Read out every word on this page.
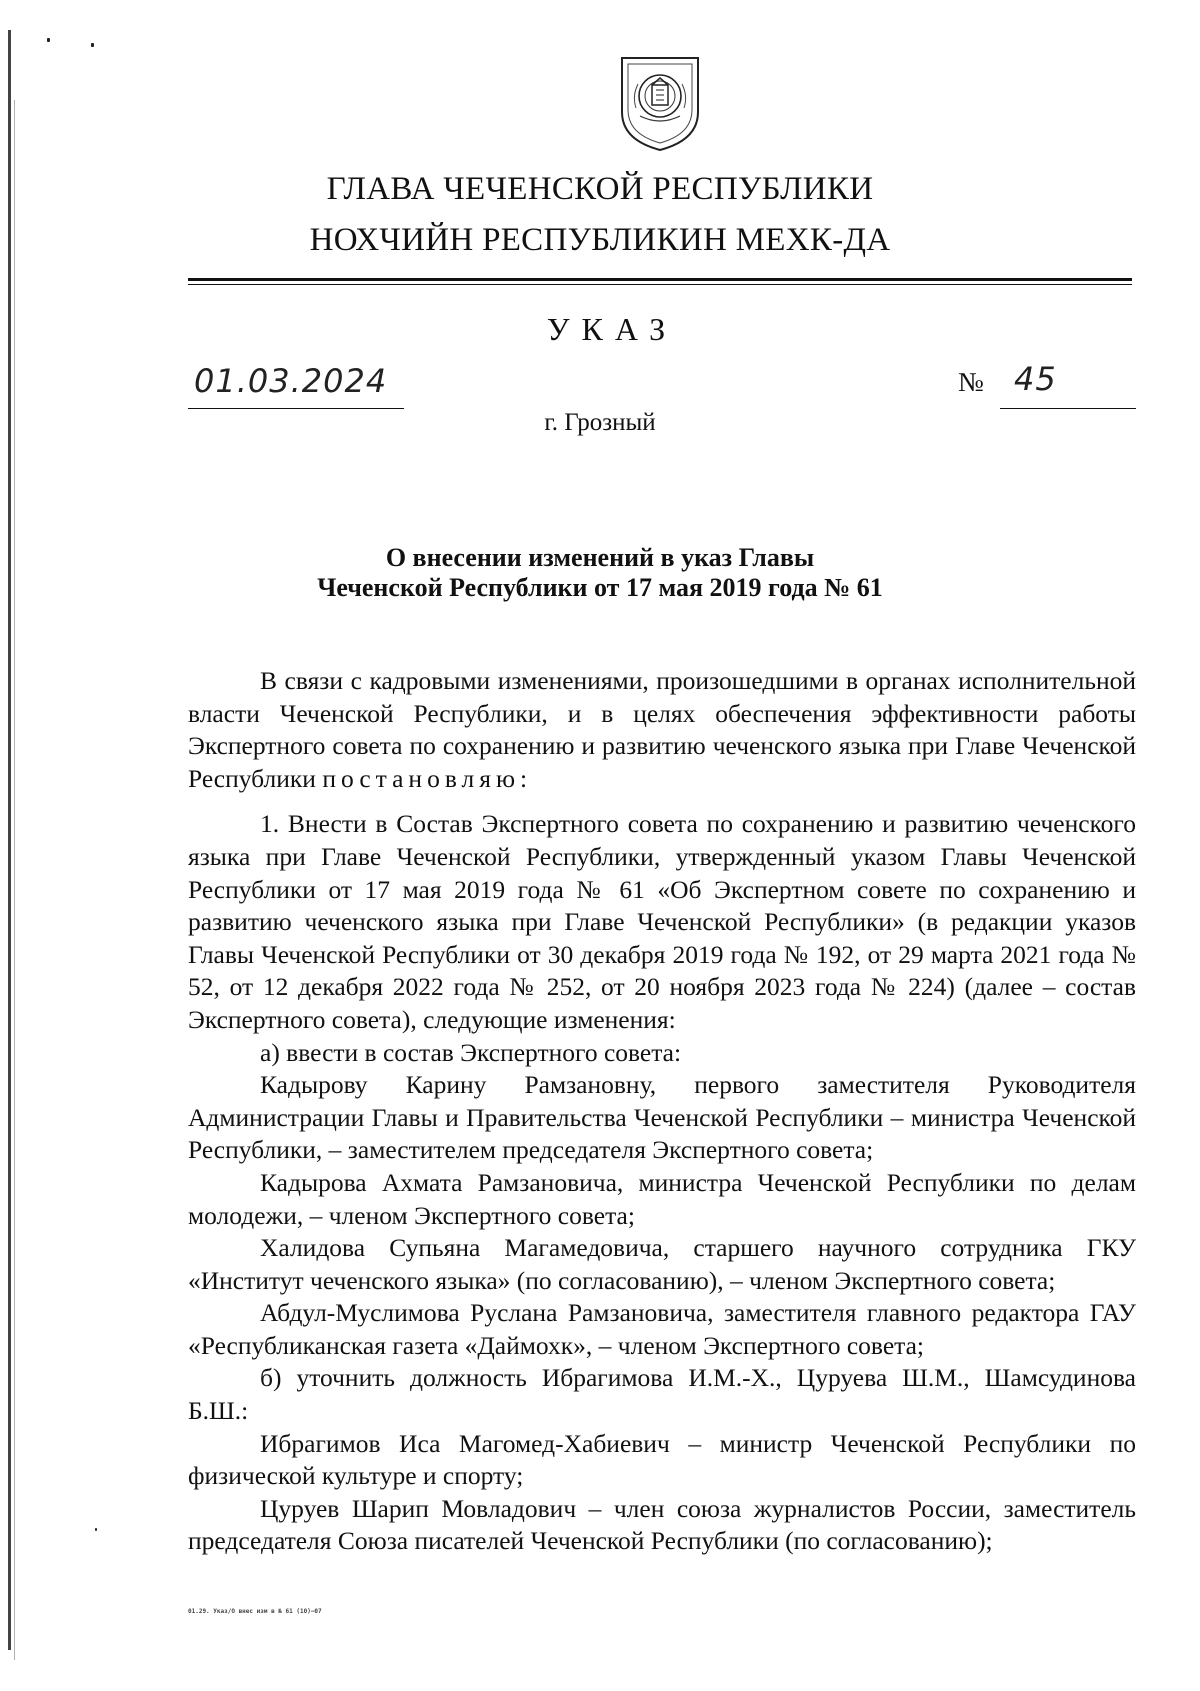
ГЛАВА ЧЕЧЕНСКОЙ РЕСПУБЛИКИ
НОХЧИЙН РЕСПУБЛИКИН МЕХК-ДА
УКАЗ
01.03.2024	№ 45
г. Грозный
О внесении изменений в указ Главы
Чеченской Республики от 17 мая 2019 года № 61

В связи с кадровыми изменениями, произошедшими в органах исполнительной власти Чеченской Республики, и в целях обеспечения эффективности работы Экспертного совета по сохранению и развитию чеченского языка при Главе Чеченской Республики постановляю:

1. Внести в Состав Экспертного совета по сохранению и развитию чеченского языка при Главе Чеченской Республики, утвержденный указом Главы Чеченской Республики от 17 мая 2019 года № 61 «Об Экспертном совете по сохранению и развитию чеченского языка при Главе Чеченской Республики» (в редакции указов Главы Чеченской Республики от 30 декабря 2019 года № 192, от 29 марта 2021 года № 52, от 12 декабря 2022 года № 252, от 20 ноября 2023 года № 224) (далее – состав Экспертного совета), следующие изменения:

а) ввести в состав Экспертного совета:

Кадырову Карину Рамзановну, первого заместителя Руководителя Администрации Главы и Правительства Чеченской Республики – министра Чеченской Республики, – заместителем председателя Экспертного совета;

Кадырова Ахмата Рамзановича, министра Чеченской Республики по делам молодежи, – членом Экспертного совета;

Халидова Супьяна Магамедовича, старшего научного сотрудника ГКУ «Институт чеченского языка» (по согласованию), – членом Экспертного совета;

Абдул-Муслимова Руслана Рамзановича, заместителя главного редактора ГАУ «Республиканская газета «Даймохк», – членом Экспертного совета;

б) уточнить должность Ибрагимова И.М.-Х., Цуруева Ш.М., Шамсудинова Б.Ш.:

Ибрагимов Иса Магомед-Хабиевич – министр Чеченской Республики по физической культуре и спорту;

Цуруев Шарип Мовладович – член союза журналистов России, заместитель председателя Союза писателей Чеченской Республики (по согласованию);

01.29. Указ/О внес изм в № 61 (10)—07
